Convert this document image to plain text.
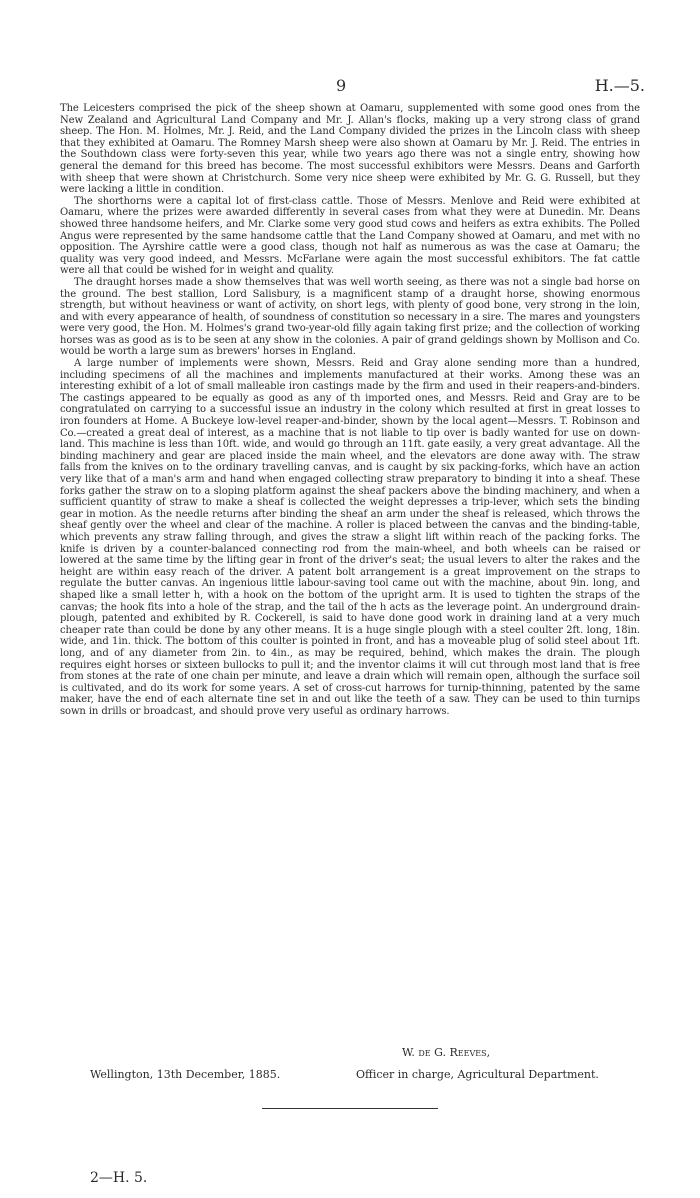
9	H.—5.

The Leicesters comprised the pick of the sheep shown at Oamaru, supplemented with some good ones from the New Zealand and Agricultural Land Company and Mr. J. Allan's flocks, making up a very strong class of grand sheep. The Hon. M. Holmes, Mr. J. Reid, and the Land Company divided the prizes in the Lincoln class with sheep that they exhibited at Oamaru. The Romney Marsh sheep were also shown at Oamaru by Mr. J. Reid. The entries in the Southdown class were forty-seven this year, while two years ago there was not a single entry, showing how general the demand for this breed has become. The most successful exhibitors were Messrs. Deans and Garforth with sheep that were shown at Christchurch. Some very nice sheep were exhibited by Mr. G. G. Russell, but they were lacking a little in condition.

The shorthorns were a capital lot of first-class cattle. Those of Messrs. Menlove and Reid were exhibited at Oamaru, where the prizes were awarded differently in several cases from what they were at Dunedin. Mr. Deans showed three handsome heifers, and Mr. Clarke some very good stud cows and heifers as extra exhibits. The Polled Angus were represented by the same handsome cattle that the Land Company showed at Oamaru, and met with no opposition. The Ayrshire cattle were a good class, though not half as numerous as was the case at Oamaru; the quality was very good indeed, and Messrs. McFarlane were again the most successful exhibitors. The fat cattle were all that could be wished for in weight and quality.

The draught horses made a show themselves that was well worth seeing, as there was not a single bad horse on the ground. The best stallion, Lord Salisbury, is a magnificent stamp of a draught horse, showing enormous strength, but without heaviness or want of activity, on short legs, with plenty of good bone, very strong in the loin, and with every appearance of health, of soundness of constitution so necessary in a sire. The mares and youngsters were very good, the Hon. M. Holmes's grand two-year-old filly again taking first prize; and the collection of working horses was as good as is to be seen at any show in the colonies. A pair of grand geldings shown by Mollison and Co. would be worth a large sum as brewers' horses in England.

A large number of implements were shown, Messrs. Reid and Gray alone sending more than a hundred, including specimens of all the machines and implements manufactured at their works. Among these was an interesting exhibit of a lot of small malleable iron castings made by the firm and used in their reapers-and-binders. The castings appeared to be equally as good as any of th imported ones, and Messrs. Reid and Gray are to be congratulated on carrying to a successful issue an industry in the colony which resulted at first in great losses to iron founders at Home. A Buckeye low-level reaper-and-binder, shown by the local agent—Messrs. T. Robinson and Co.—created a great deal of interest, as a machine that is not liable to tip over is badly wanted for use on down-land. This machine is less than 10ft. wide, and would go through an 11ft. gate easily, a very great advantage. All the binding machinery and gear are placed inside the main wheel, and the elevators are done away with. The straw falls from the knives on to the ordinary travelling canvas, and is caught by six packing-forks, which have an action very like that of a man's arm and hand when engaged collecting straw preparatory to binding it into a sheaf. These forks gather the straw on to a sloping platform against the sheaf packers above the binding machinery, and when a sufficient quantity of straw to make a sheaf is collected the weight depresses a trip-lever, which sets the binding gear in motion. As the needle returns after binding the sheaf an arm under the sheaf is released, which throws the sheaf gently over the wheel and clear of the machine. A roller is placed between the canvas and the binding-table, which prevents any straw falling through, and gives the straw a slight lift within reach of the packing forks. The knife is driven by a counter-balanced connecting rod from the main-wheel, and both wheels can be raised or lowered at the same time by the lifting gear in front of the driver's seat; the usual levers to alter the rakes and the height are within easy reach of the driver. A patent bolt arrangement is a great improvement on the straps to regulate the butter canvas. An ingenious little labour-saving tool came out with the machine, about 9in. long, and shaped like a small letter h, with a hook on the bottom of the upright arm. It is used to tighten the straps of the canvas; the hook fits into a hole of the strap, and the tail of the h acts as the leverage point. An underground drain-plough, patented and exhibited by R. Cockerell, is said to have done good work in draining land at a very much cheaper rate than could be done by any other means. It is a huge single plough with a steel coulter 2ft. long, 18in. wide, and 1in. thick. The bottom of this coulter is pointed in front, and has a moveable plug of solid steel about 1ft. long, and of any diameter from 2in. to 4in., as may be required, behind, which makes the drain. The plough requires eight horses or sixteen bullocks to pull it; and the inventor claims it will cut through most land that is free from stones at the rate of one chain per minute, and leave a drain which will remain open, although the surface soil is cultivated, and do its work for some years. A set of cross-cut harrows for turnip-thinning, patented by the same maker, have the end of each alternate tine set in and out like the teeth of a saw. They can be used to thin turnips sown in drills or broadcast, and should prove very useful as ordinary harrows.

W. de G. Reeves,
Wellington, 13th December, 1885.	Officer in charge, Agricultural Department.
2—H. 5.
